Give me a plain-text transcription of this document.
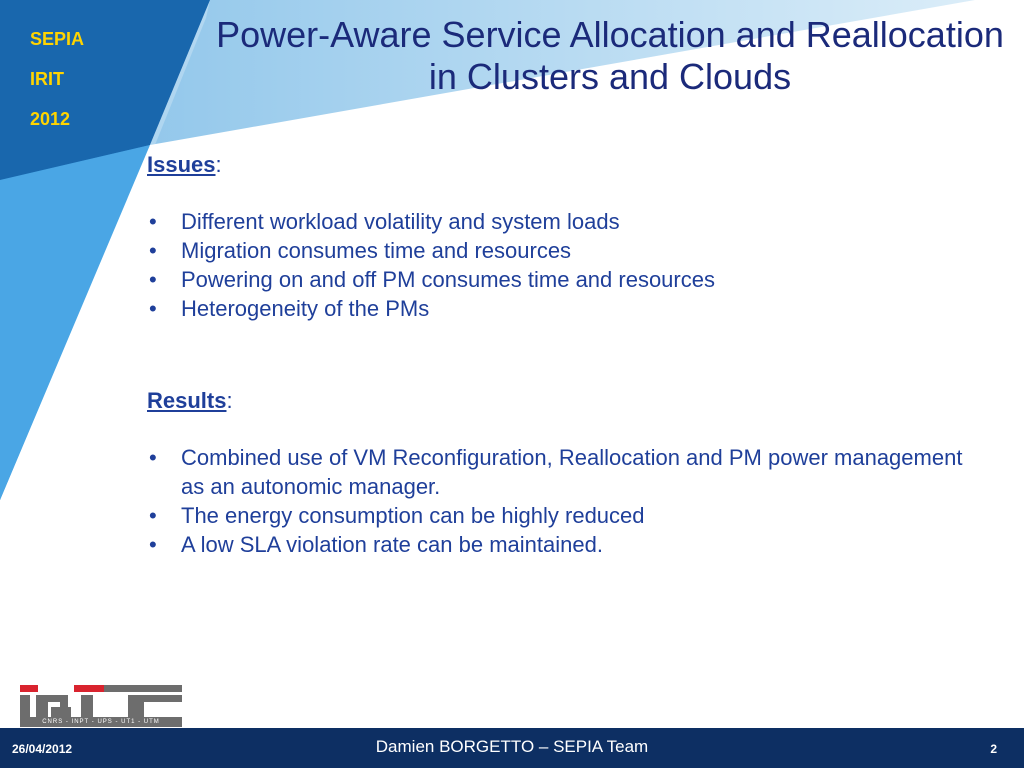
SEPIA
IRIT
2012
Power-Aware Service Allocation and Reallocation in Clusters and Clouds

Issues:

•	Different workload volatility and system loads
•	Migration consumes time and resources
•	Powering on and off PM consumes time and resources
•	Heterogeneity of the PMs

Results:

•	Combined use of VM Reconfiguration, Reallocation and PM power management as an autonomic manager.
•	The energy consumption can be highly reduced
•	A low SLA violation rate can be maintained.
CNRS - INPT - UPS - UT1 - UTM
26/04/2012	Damien BORGETTO – SEPIA Team	2
